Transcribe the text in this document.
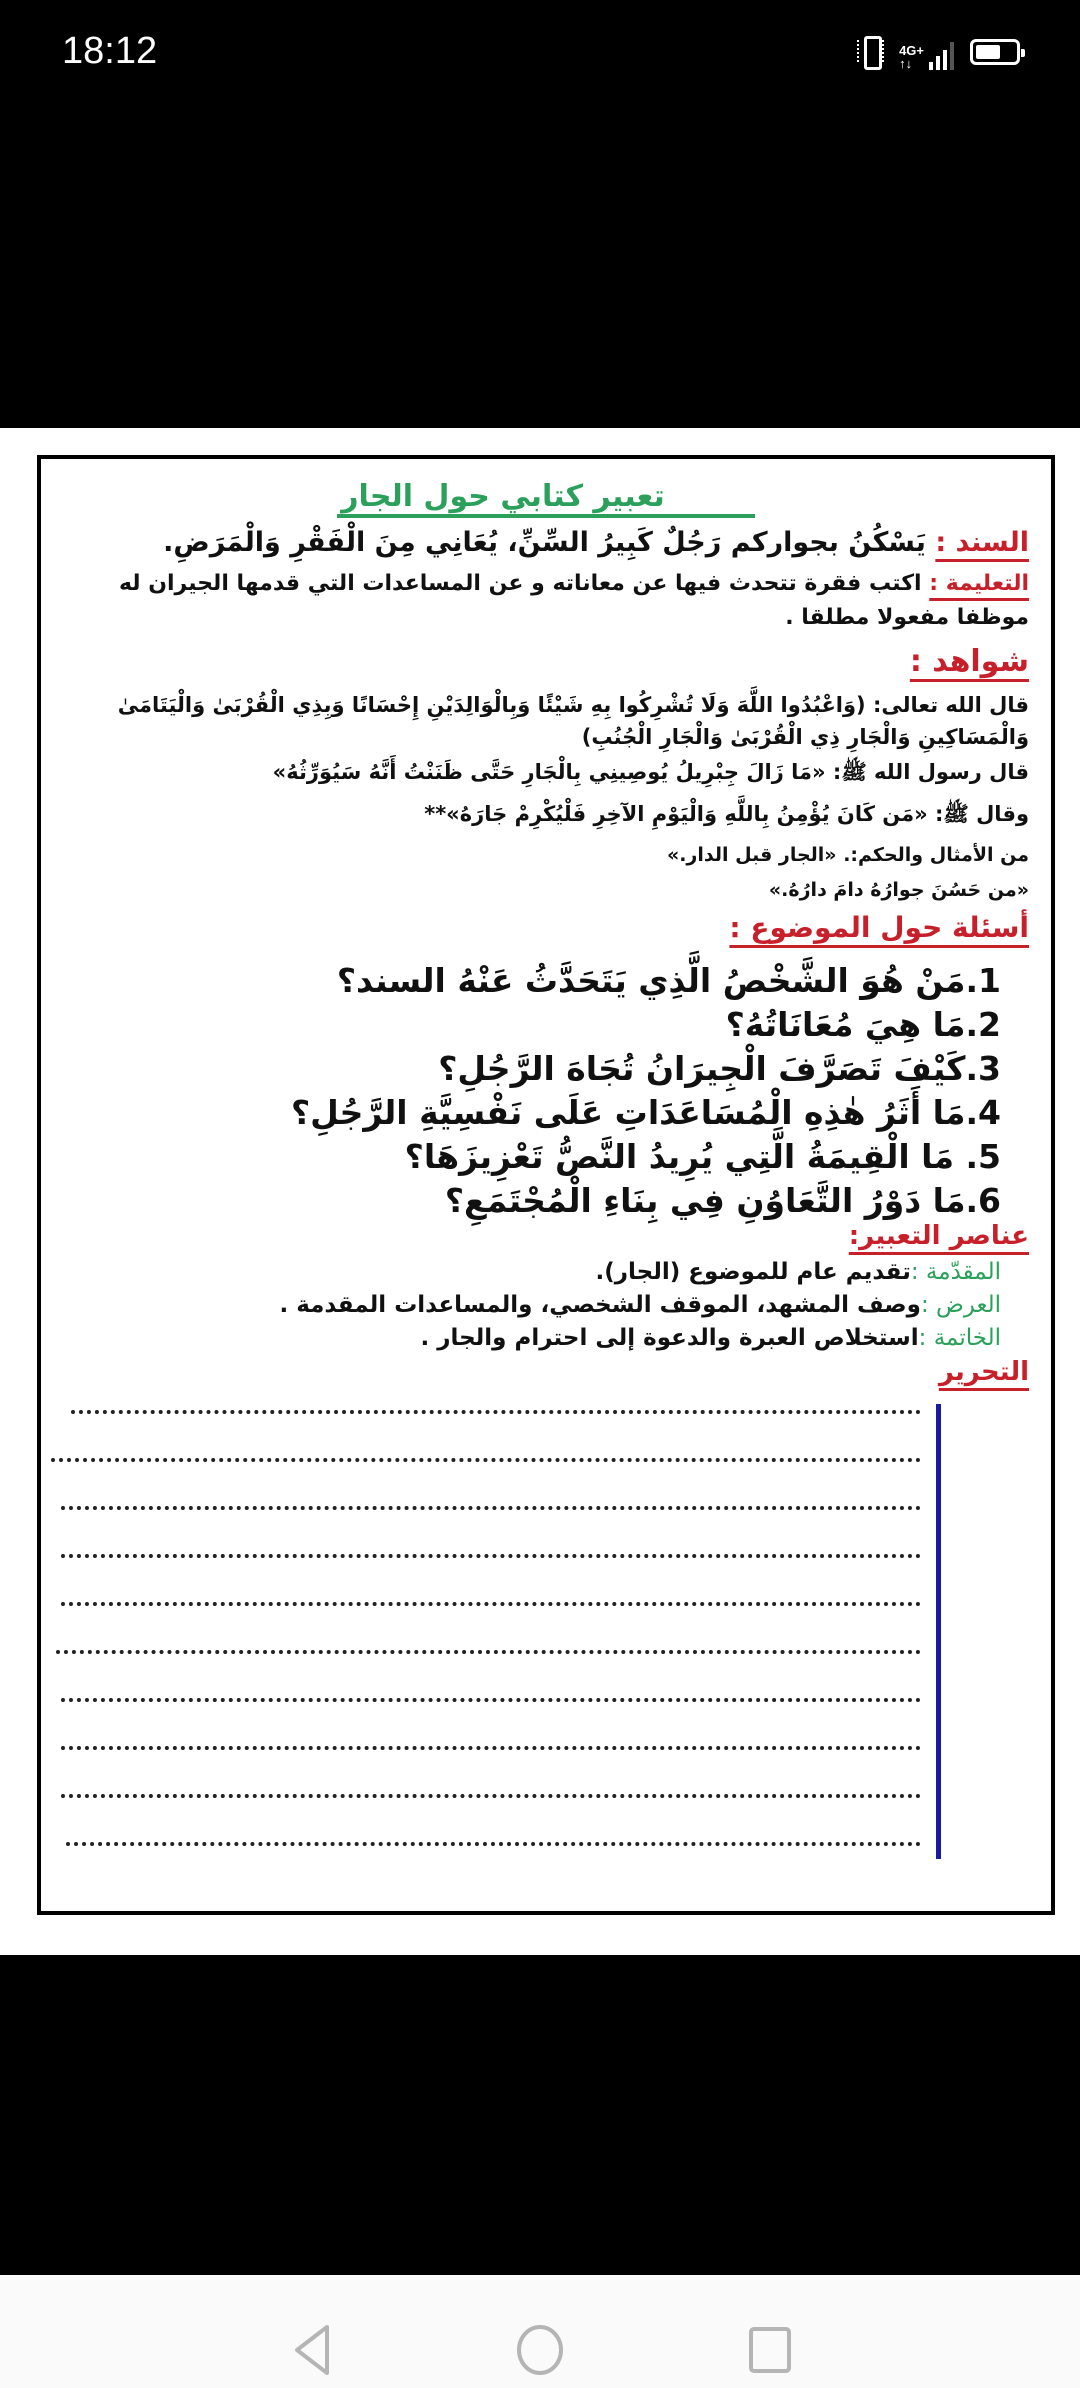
18:12	4G+
↑↓
تعبير كتابي حول الجار
السند : يَسْكُنُ بجواركم رَجُلٌ كَبِيرُ السِّنِّ، يُعَانِي مِنَ الْفَقْرِ وَالْمَرَضِ.
التعليمة : اكتب فقرة تتحدث فيها عن معاناته و عن المساعدات التي قدمها الجيران له موظفا مفعولا مطلقا .
شواهد :
قال الله تعالى: (وَاعْبُدُوا اللَّهَ وَلَا تُشْرِكُوا بِهِ شَيْئًا وَبِالْوَالِدَيْنِ إِحْسَانًا وَبِذِي الْقُرْبَىٰ وَالْيَتَامَىٰ وَالْمَسَاكِينِ وَالْجَارِ ذِي الْقُرْبَىٰ وَالْجَارِ الْجُنُبِ)
قال رسول الله ﷺ: «مَا زَالَ جِبْرِيلُ يُوصِينِي بِالْجَارِ حَتَّى ظَنَنْتُ أَنَّهُ سَيُوَرِّثُهُ»
وقال ﷺ: «مَن كَانَ يُؤْمِنُ بِاللَّهِ وَالْيَوْمِ الآخِرِ فَلْيُكْرِمْ جَارَهُ»**
من الأمثال والحكم:. «الجار قبل الدار.»
«من حَسُنَ جوارُهُ دامَ دارُهُ.»
أسئلة حول الموضوع :
1.مَنْ هُوَ الشَّخْصُ الَّذِي يَتَحَدَّثُ عَنْهُ السند؟
2.مَا هِيَ مُعَانَاتُهُ؟
3.كَيْفَ تَصَرَّفَ الْجِيرَانُ تُجَاهَ الرَّجُلِ؟
4.مَا أَثَرُ هٰذِهِ الْمُسَاعَدَاتِ عَلَى نَفْسِيَّةِ الرَّجُلِ؟
5. مَا الْقِيمَةُ الَّتِي يُرِيدُ النَّصُّ تَعْزِيزَهَا؟
6.مَا دَوْرُ التَّعَاوُنِ فِي بِنَاءِ الْمُجْتَمَعِ؟
عناصر التعبير:
المقدّمة :تقديم عام للموضوع (الجار).
العرض :وصف المشهد، الموقف الشخصي، والمساعدات المقدمة .
الخاتمة :استخلاص العبرة والدعوة إلى احترام والجار .
التحرير
